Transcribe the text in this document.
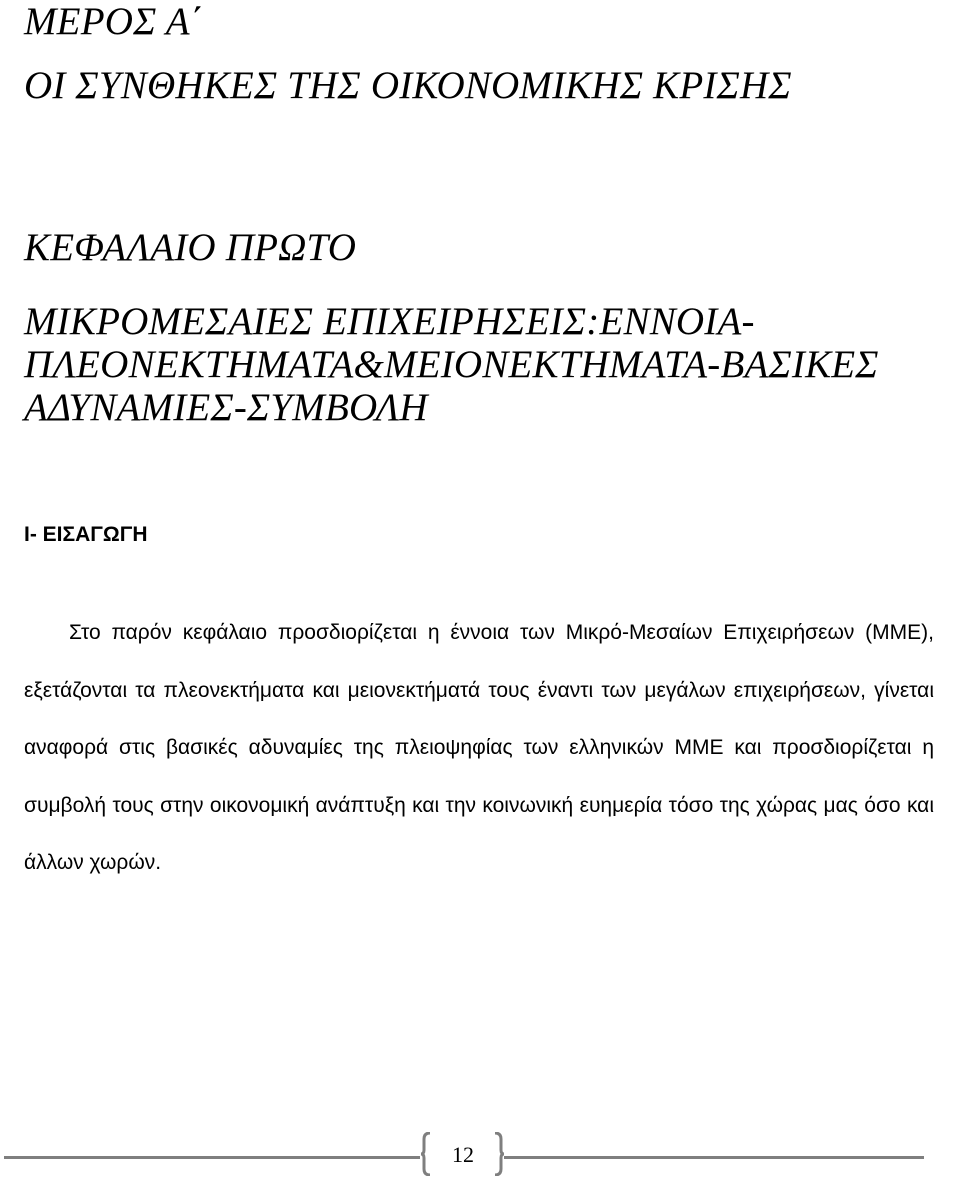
ΜΕΡΟΣ Α΄
ΟΙ ΣΥΝΘΗΚΕΣ ΤΗΣ ΟΙΚΟΝΟΜΙΚΗΣ ΚΡΙΣΗΣ
ΚΕΦΑΛΑΙΟ ΠΡΩΤΟ
ΜΙΚΡΟΜΕΣΑΙΕΣ ΕΠΙΧΕΙΡΗΣΕΙΣ:ΕΝΝΟΙΑ-
ΠΛΕΟΝΕΚΤΗΜΑΤΑ&ΜΕΙΟΝΕΚΤΗΜΑΤΑ-ΒΑΣΙΚΕΣ
ΑΔΥΝΑΜΙΕΣ-ΣΥΜΒΟΛΗ
Ι- ΕΙΣΑΓΩΓΗ

Στο παρόν κεφάλαιο προσδιορίζεται η έννοια των Μικρό-Μεσαίων Επιχειρήσεων (ΜΜΕ), εξετάζονται τα πλεονεκτήματα και μειονεκτήματά τους έναντι των μεγάλων επιχειρήσεων, γίνεται αναφορά στις βασικές αδυναμίες της πλειοψηφίας των ελληνικών ΜΜΕ και προσδιορίζεται η συμβολή τους στην οικονομική ανάπτυξη και την κοινωνική ευημερία τόσο της χώρας μας όσο και άλλων χωρών.

12
